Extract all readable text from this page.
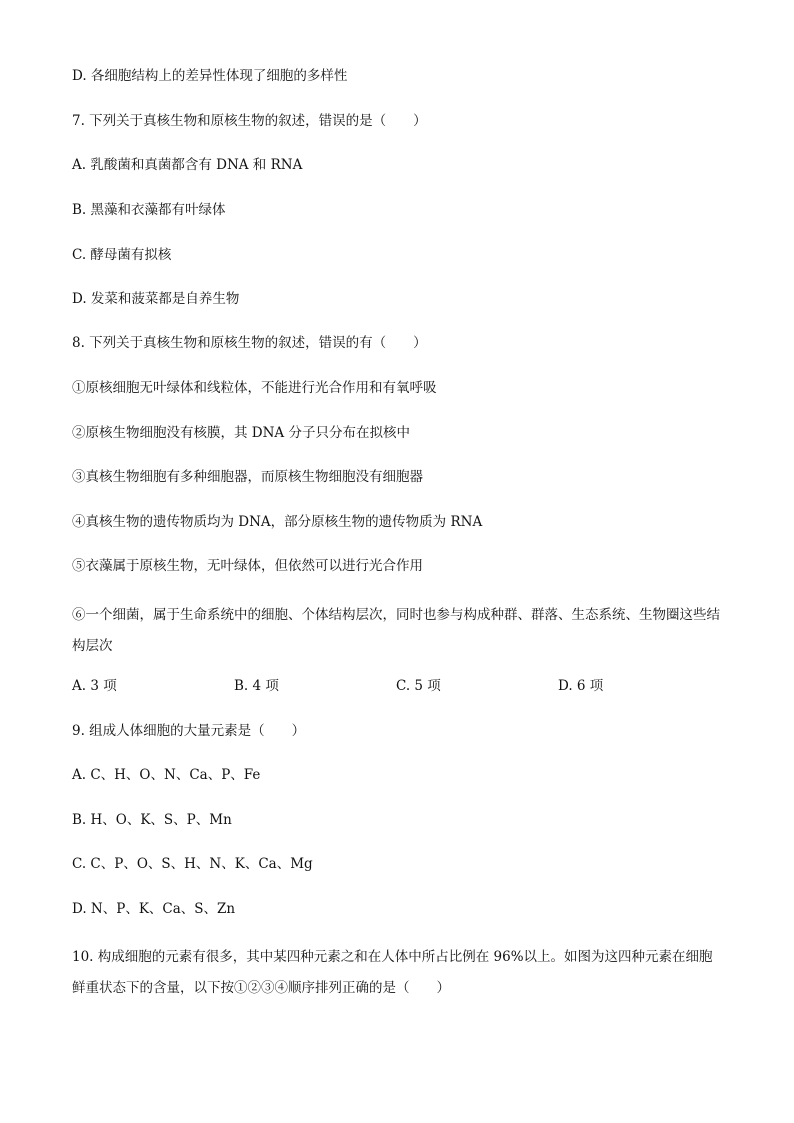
D. 各细胞结构上的差异性体现了细胞的多样性
7. 下列关于真核生物和原核生物的叙述，错误的是（　　）
A. 乳酸菌和真菌都含有 DNA 和 RNA
B. 黑藻和衣藻都有叶绿体
C. 酵母菌有拟核
D. 发菜和菠菜都是自养生物
8. 下列关于真核生物和原核生物的叙述，错误的有（　　）
①原核细胞无叶绿体和线粒体，不能进行光合作用和有氧呼吸
②原核生物细胞没有核膜，其 DNA 分子只分布在拟核中
③真核生物细胞有多种细胞器，而原核生物细胞没有细胞器
④真核生物的遗传物质均为 DNA，部分原核生物的遗传物质为 RNA
⑤衣藻属于原核生物，无叶绿体，但依然可以进行光合作用
⑥一个细菌，属于生命系统中的细胞、个体结构层次，同时也参与构成种群、群落、生态系统、生物圈这些结构层次
A. 3 项	B. 4 项	C. 5 项	D. 6 项
9. 组成人体细胞的大量元素是（　　）
A. C、H、O、N、Ca、P、Fe
B. H、O、K、S、P、Mn
C. C、P、O、S、H、N、K、Ca、Mg
D. N、P、K、Ca、S、Zn
10. 构成细胞的元素有很多，其中某四种元素之和在人体中所占比例在 96%以上。如图为这四种元素在细胞鲜重状态下的含量，以下按①②③④顺序排列正确的是（　　）
